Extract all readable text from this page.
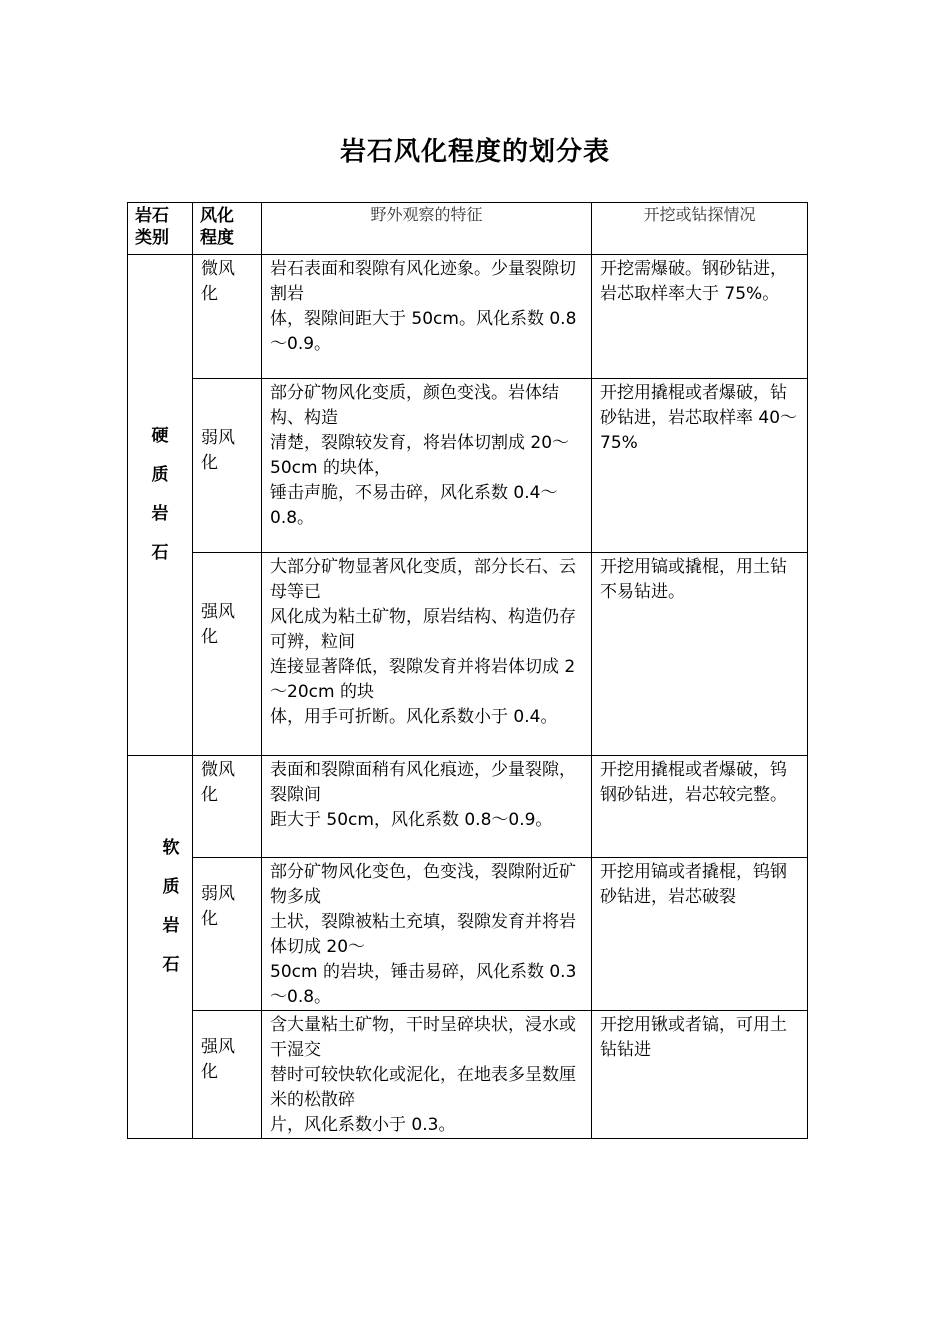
岩石风化程度的划分表
岩石类别	风化程度	野外观察的特征	开挖或钻探情况
硬质岩石	微风化	岩石表面和裂隙有风化迹象。少量裂隙切割岩
体，裂隙间距大于 50cm。风化系数 0.8～0.9。	开挖需爆破。钢砂钻进，
岩芯取样率大于 75%。

	弱风化	部分矿物风化变质，颜色变浅。岩体结构、构造
清楚，裂隙较发育，将岩体切割成 20～50cm 的块体，
锤击声脆，不易击碎，风化系数 0.4～0.8。	开挖用撬棍或者爆破，钻
砂钻进，岩芯取样率 40～75%

	强风化	大部分矿物显著风化变质，部分长石、云母等已
风化成为粘土矿物，原岩结构、构造仍存可辨，粒间
连接显著降低，裂隙发育并将岩体切成 2～20cm 的块
体，用手可折断。风化系数小于 0.4。	开挖用镐或撬棍，用土钻
不易钻进。

软质岩石	微风化	表面和裂隙面稍有风化痕迹，少量裂隙，裂隙间
距大于 50cm，风化系数 0.8～0.9。	开挖用撬棍或者爆破，钨
钢砂钻进，岩芯较完整。

	弱风化	部分矿物风化变色，色变浅，裂隙附近矿物多成
土状，裂隙被粘土充填，裂隙发育并将岩体切成 20～
50cm 的岩块，锤击易碎，风化系数 0.3～0.8。	开挖用镐或者撬棍，钨钢
砂钻进，岩芯破裂

	强风化	含大量粘土矿物，干时呈碎块状，浸水或干湿交
替时可较快软化或泥化，在地表多呈数厘米的松散碎
片，风化系数小于 0.3。	开挖用锹或者镐，可用土
钻钻进
